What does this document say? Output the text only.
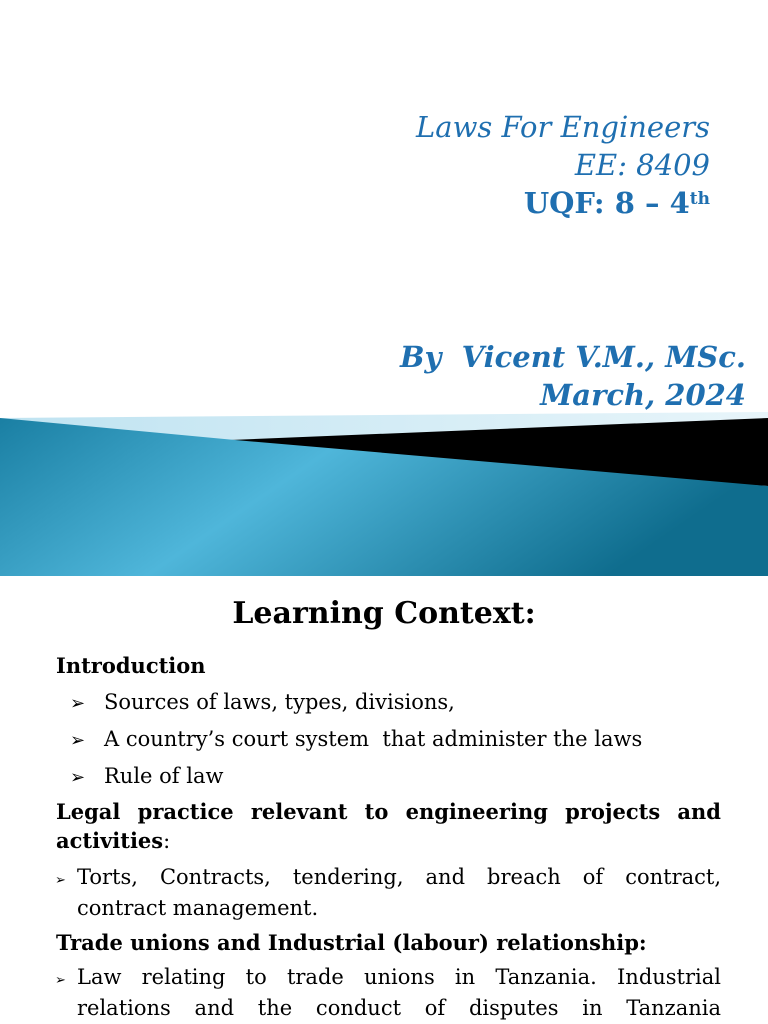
Laws For Engineers
EE: 8409
UQF: 8 – 4th
By  Vicent V.M., MSc.
March, 2024
Learning Context:
Introduction
➢ Sources of laws, types, divisions,
➢ A country’s court system  that administer the laws
➢ Rule of law
Legal practice relevant to engineering projects and
activities:
➢ Torts, Contracts, tendering, and breach of contract,
contract management.
Trade unions and Industrial (labour) relationship:
➢ Law relating to trade unions in Tanzania. Industrial
relations and the conduct of disputes in Tanzania
